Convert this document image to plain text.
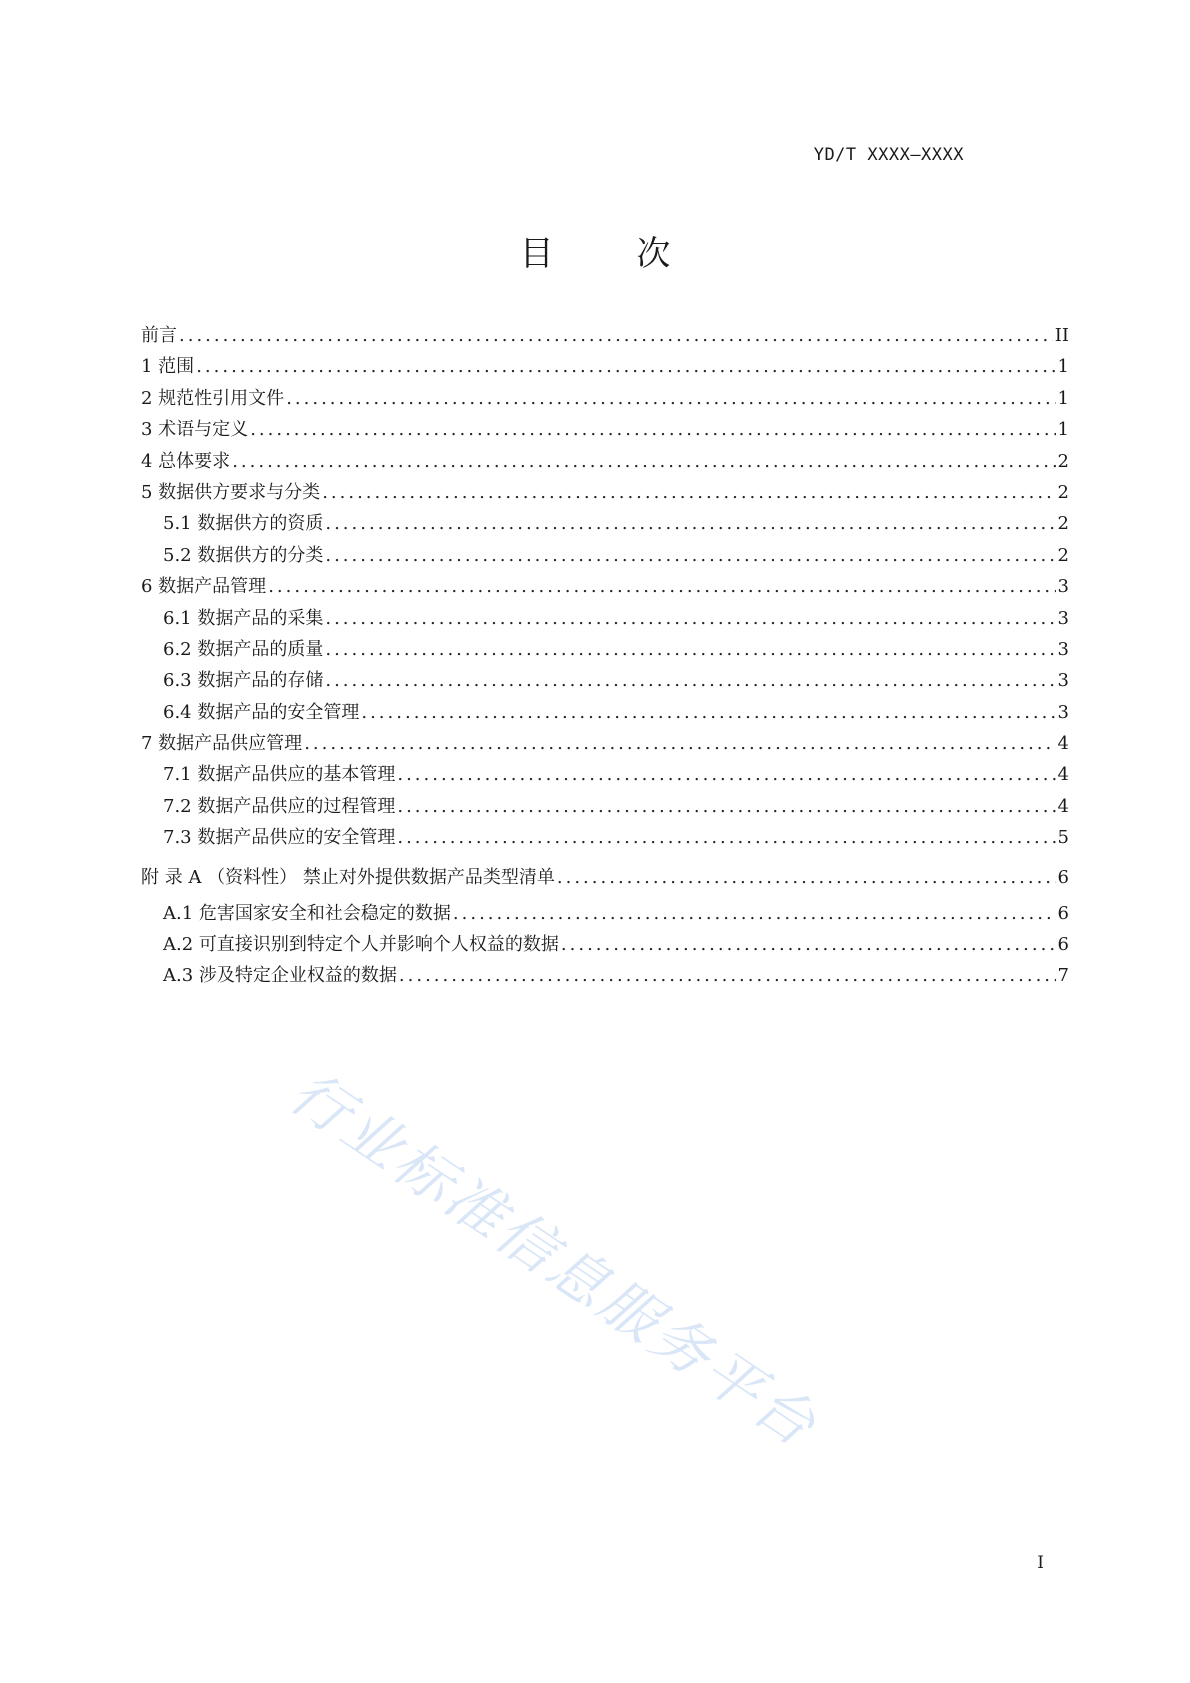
YD/T XXXX—XXXX
目 次
前言 .....	II
1 范围 .....	1
2 规范性引用文件 .....	1
3 术语与定义 .....	1
4 总体要求 .....	2
5 数据供方要求与分类 .....	2
5.1 数据供方的资质 .....	2
5.2 数据供方的分类 .....	2
6 数据产品管理 .....	3
6.1 数据产品的采集 .....	3
6.2 数据产品的质量 .....	3
6.3 数据产品的存储 .....	3
6.4 数据产品的安全管理 .....	3
7 数据产品供应管理 .....	4
7.1 数据产品供应的基本管理 .....	4
7.2 数据产品供应的过程管理 .....	4
7.3 数据产品供应的安全管理 .....	5
附 录 A （资料性） 禁止对外提供数据产品类型清单 .....	6
A.1 危害国家安全和社会稳定的数据 .....	6
A.2 可直接识别到特定个人并影响个人权益的数据 .....	6
A.3 涉及特定企业权益的数据 .....	7
行业标准信息服务平台
I
